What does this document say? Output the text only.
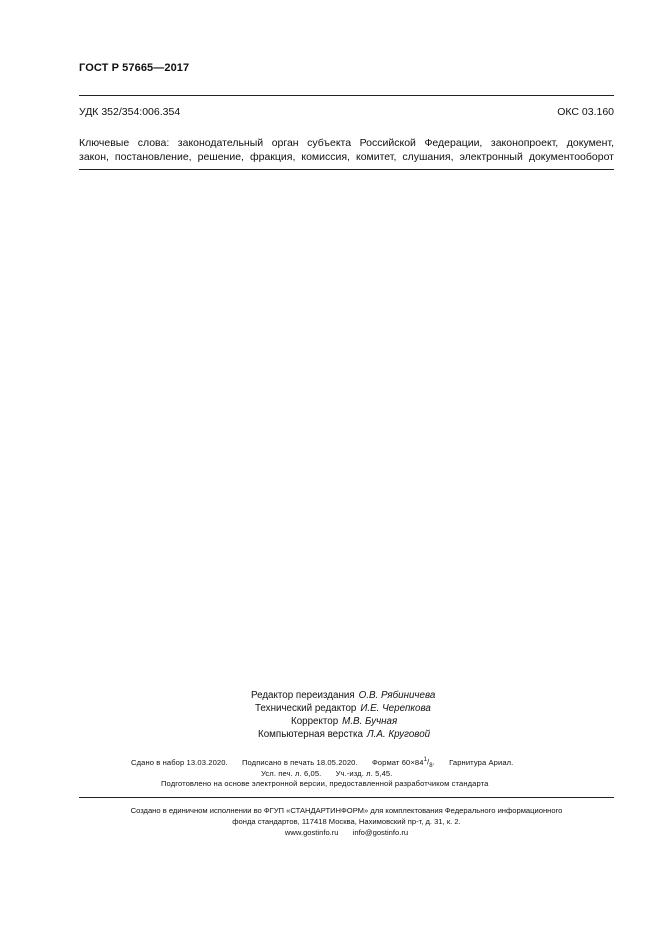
ГОСТ Р 57665—2017
УДК 352/354:006.354	ОКС 03.160
Ключевые слова: законодательный орган субъекта Российской Федерации, законопроект, документ,
закон, постановление, решение, фракция, комиссия, комитет, слушания, электронный документооборот
Редактор переиздания О.В. Рябиничева
Технический редактор И.Е. Черепкова
Корректор М.В. Бучная
Компьютерная верстка Л.А. Круговой
Сдано в набор 13.03.2020. Подписано в печать 18.05.2020. Формат $60\times 84^1/_8$. Гарнитура Ариал.
Усл. печ. л. 6,05. Уч.-изд. л. 5,45.
Подготовлено на основе электронной версии, предоставленной разработчиком стандарта
Создано в единичном исполнении во ФГУП «СТАНДАРТИНФОРМ» для комплектования Федерального информационного
фонда стандартов, 117418 Москва, Нахимовский пр-т, д. 31, к. 2.
www.gostinfo.ru info@gostinfo.ru
